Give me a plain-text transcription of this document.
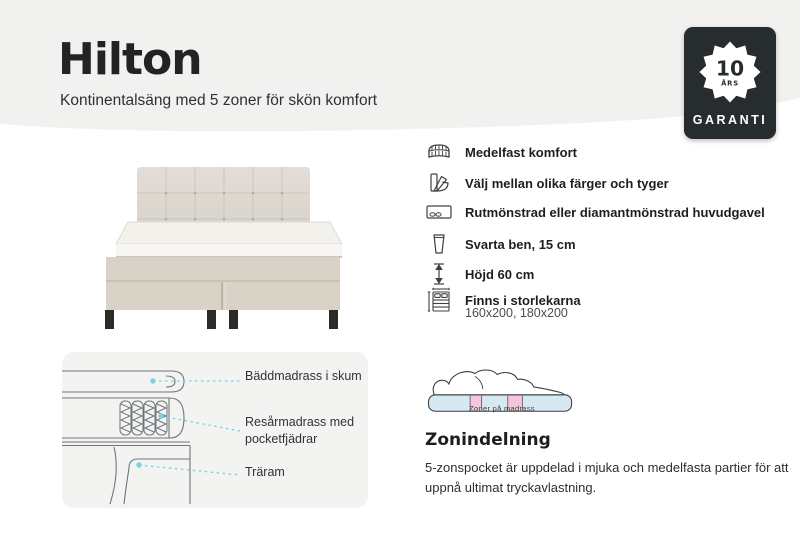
Hilton
Kontinentalsäng med 5 zoner för skön komfort
10
ÅRS
GARANTI
Medelfast komfort
Välj mellan olika färger och tyger
Rutmönstrad eller diamantmönstrad huvudgavel
Svarta ben, 15 cm
Höjd 60 cm
Finns i storlekarna
160x200, 180x200
Bäddmadrass i skum
Resårmadrass med pocketfjädrar
Träram
Zoner på madrass
Zonindelning
5-zonspocket är uppdelad i mjuka och medelfasta partier för att uppnå ultimat tryckavlastning.
